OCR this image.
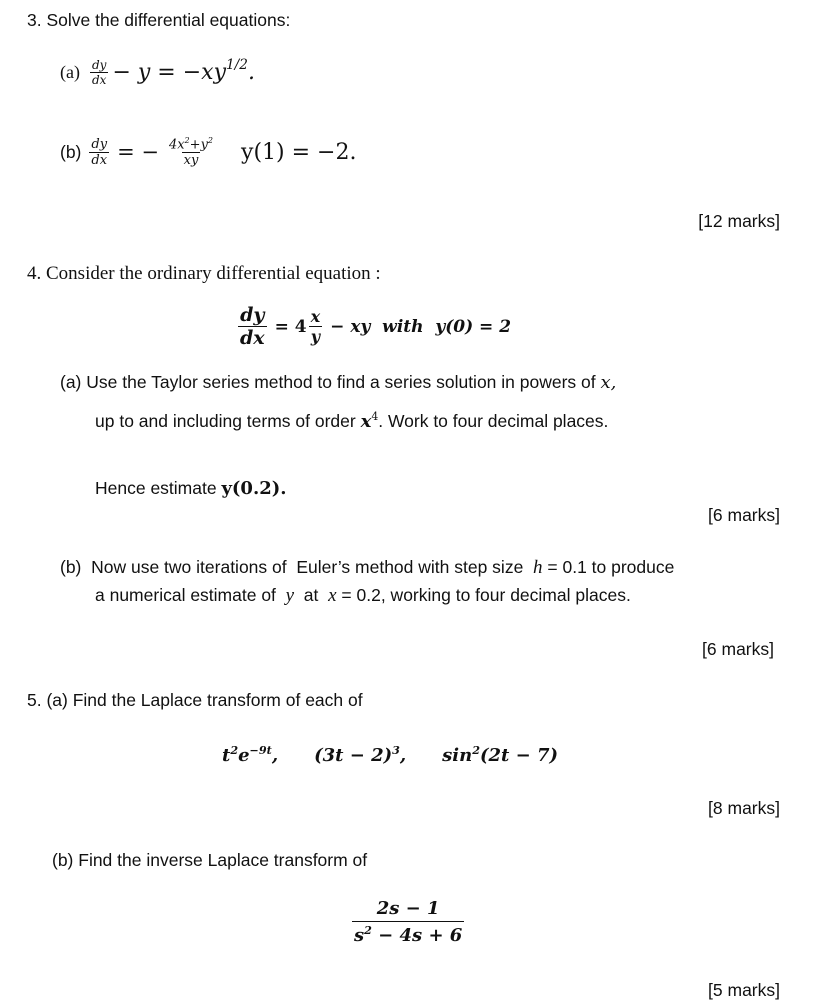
3. Solve the differential equations:
$(a) \frac{dy}{dx} - y = -xy^{1/2}$ .
$(b) \frac{dy}{dx}$ = − $\frac{4x^2+y^2}{xy} y(1) = -2$.
[12 marks]
4. Consider the ordinary differential equation :
$\frac{dy}{dx} = 4 \frac{x}{y}$ − xy  with  y(0) = 2
(a) Use the Taylor series method to find a series solution in powers of x,
up to and including terms of order $x^4$. Work to four decimal places.
Hence estimate y(0.2).
[6 marks]
(b)  Now use two iterations of  Euler’s method with step size  h = 0.1 to produce
a numerical estimate of  y  at  x = 0.2, working to four decimal places.
[6 marks]
5. (a) Find the Laplace transform of each of
$t^2e^{-9t}$, $(3t - 2)^3$, $\sin^2(2t - 7)$
[8 marks]
(b) Find the inverse Laplace transform of
$\frac{2s - 1}{s^2 - 4s + 6}$
[5 marks]
